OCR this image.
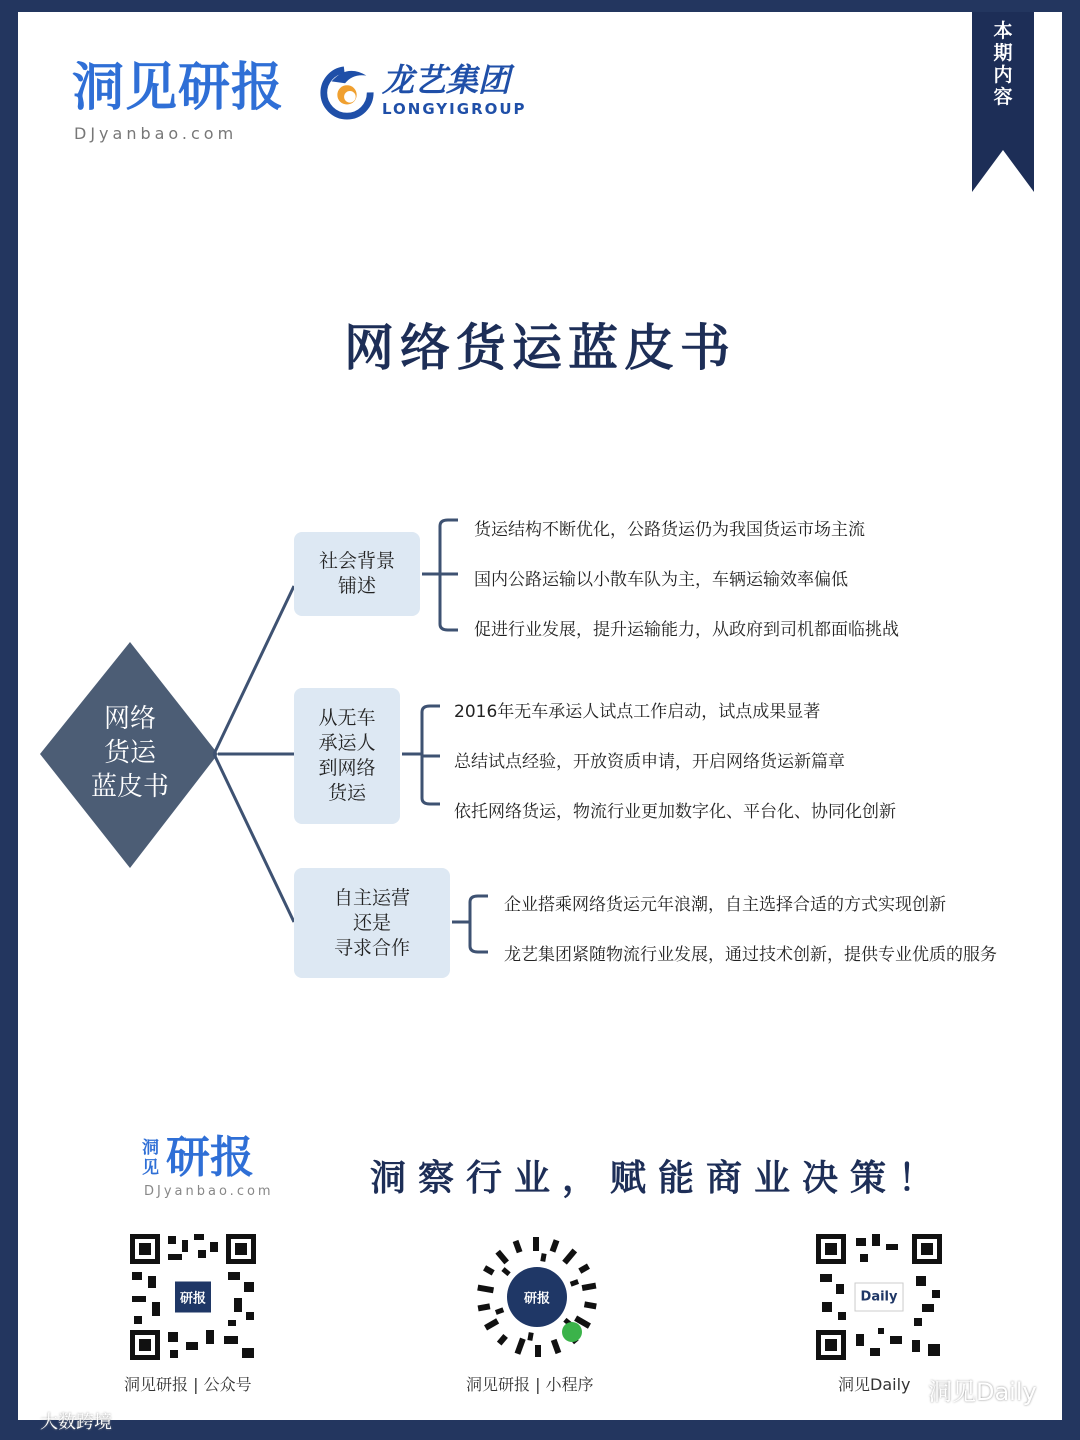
洞见研报
DJyanbao.com
龙艺集团
LONGYIGROUP
本
期
内
容
网络货运蓝皮书
网络
货运
蓝皮书
社会背景
铺述
从无车
承运人
到网络
货运
自主运营
还是
寻求合作
货运结构不断优化，公路货运仍为我国货运市场主流
国内公路运输以小散车队为主，车辆运输效率偏低
促进行业发展，提升运输能力，从政府到司机都面临挑战
2016年无车承运人试点工作启动，试点成果显著
总结试点经验，开放资质申请，开启网络货运新篇章
依托网络货运，物流行业更加数字化、平台化、协同化创新
企业搭乘网络货运元年浪潮，自主选择合适的方式实现创新
龙艺集团紧随物流行业发展，通过技术创新，提供专业优质的服务
洞见 研报
DJyanbao.com	洞察行业，赋能商业决策！
研报	研报	Daily
洞见研报 | 公众号	洞见研报 | 小程序	洞见Daily 洞见Daily
大数跨境
